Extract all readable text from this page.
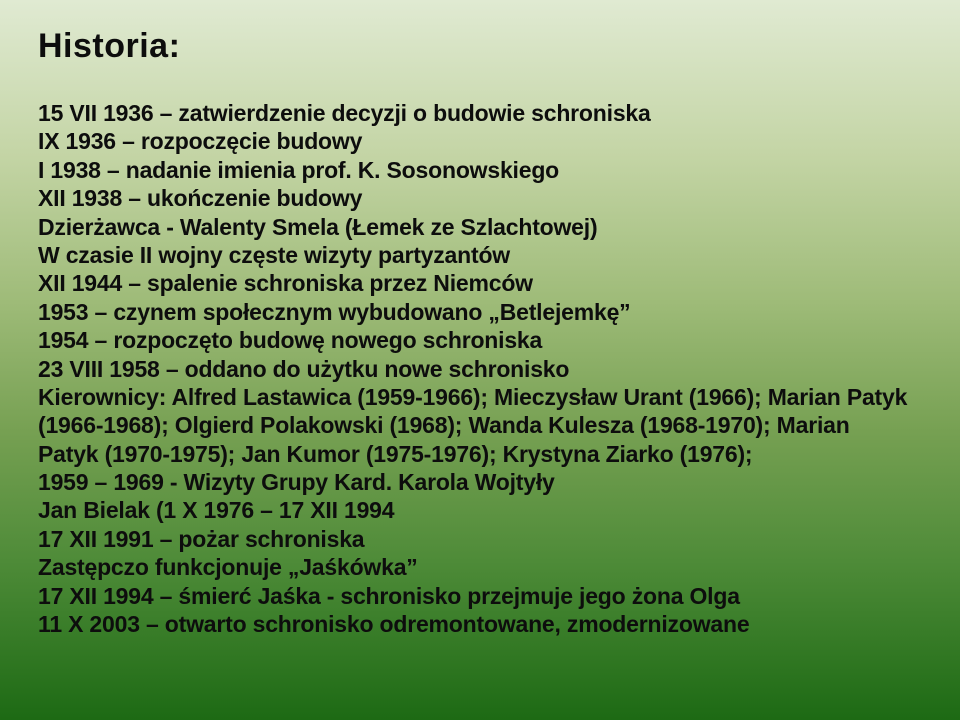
Historia:
15 VII 1936 – zatwierdzenie decyzji o budowie schroniska
IX 1936 – rozpoczęcie budowy
I 1938 – nadanie imienia prof. K. Sosonowskiego
XII 1938 – ukończenie budowy
Dzierżawca - Walenty Smela (Łemek ze Szlachtowej)
W czasie II wojny częste wizyty partyzantów
XII 1944 – spalenie schroniska przez Niemców
1953 – czynem społecznym wybudowano „Betlejemkę”
1954 – rozpoczęto budowę nowego schroniska
23 VIII 1958 – oddano do użytku nowe schronisko
Kierownicy: Alfred Lastawica (1959-1966); Mieczysław Urant (1966); Marian Patyk
(1966-1968); Olgierd Polakowski (1968); Wanda Kulesza (1968-1970); Marian
Patyk (1970-1975); Jan Kumor (1975-1976); Krystyna Ziarko (1976);
1959 – 1969 - Wizyty Grupy Kard. Karola Wojtyły
Jan Bielak (1 X 1976 – 17 XII 1994
17 XII 1991 – pożar schroniska
Zastępczo funkcjonuje „Jaśkówka”
17 XII 1994 – śmierć Jaśka - schronisko przejmuje jego żona Olga
11 X 2003 – otwarto schronisko odremontowane, zmodernizowane
